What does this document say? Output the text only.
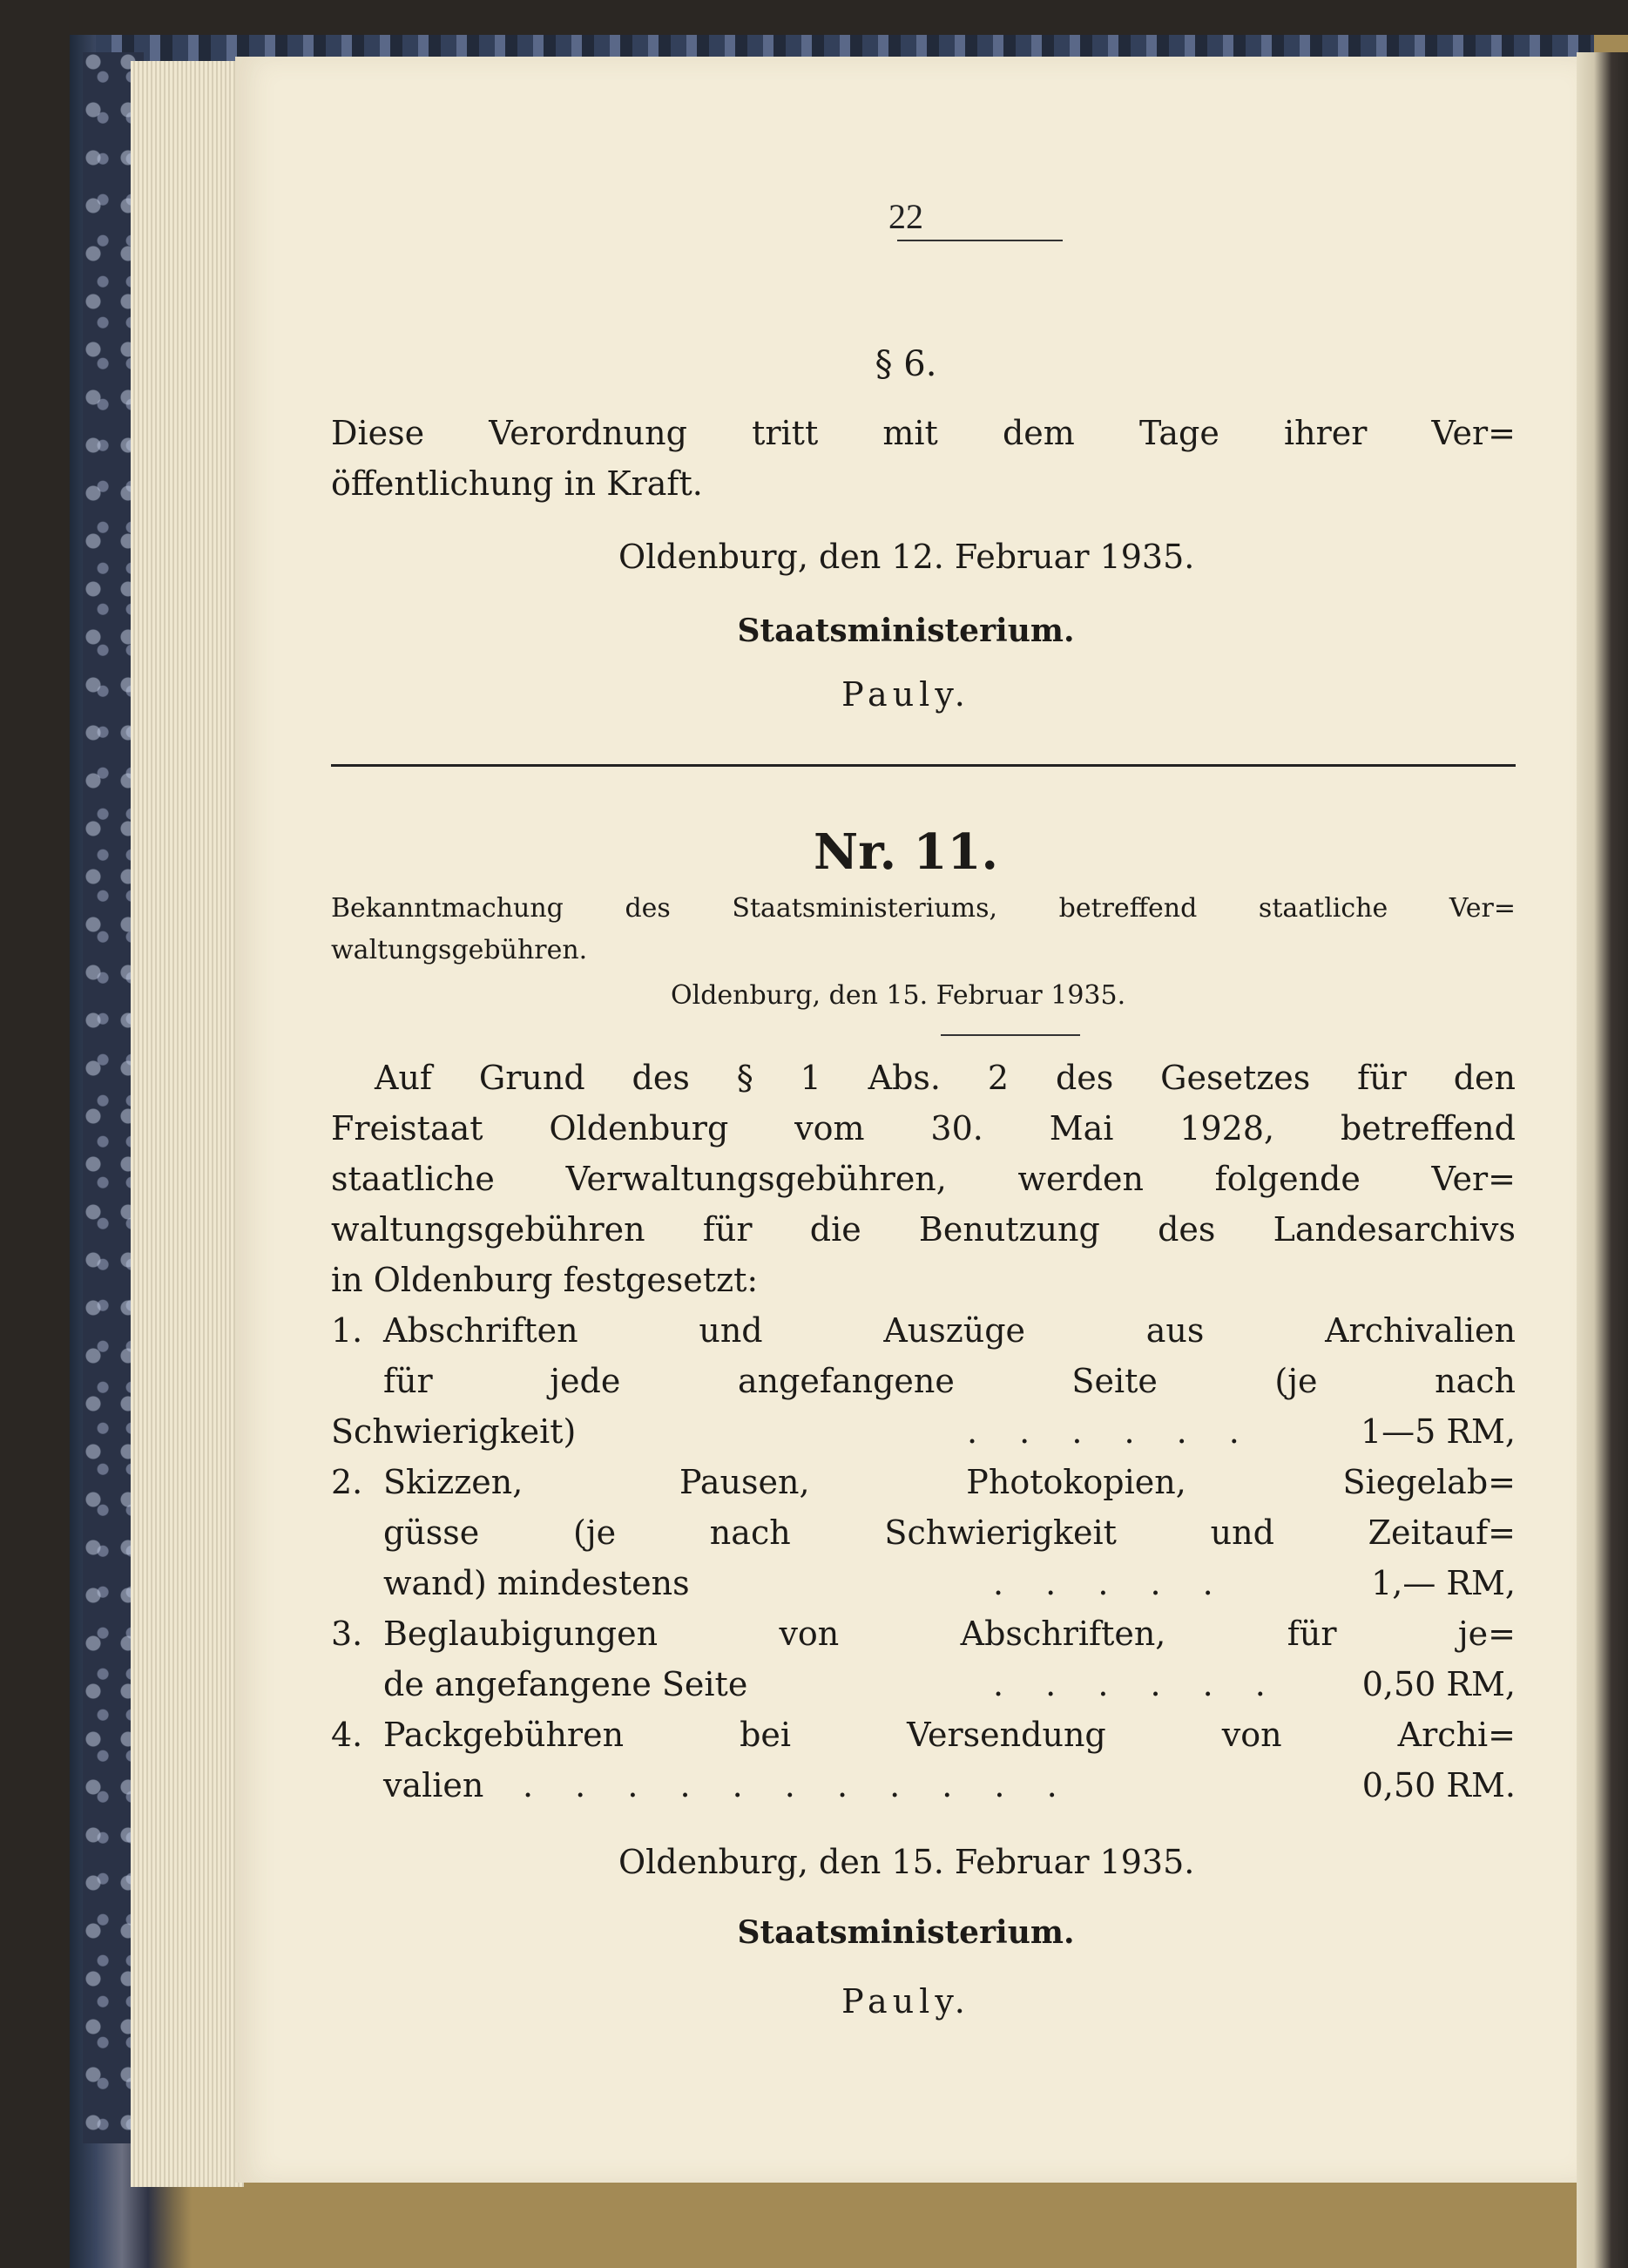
22
§ 6.
Diese Verordnung tritt mit dem Tage ihrer Ver=
öffentlichung in Kraft.
Oldenburg, den 12. Februar 1935.
Staatsministerium.
Pauly.
Nr. 11.
Bekanntmachung des Staatsministeriums, betreffend staatliche Ver=
waltungsgebühren.
Oldenburg, den 15. Februar 1935.
Auf Grund des § 1 Abs. 2 des Gesetzes für den
Freistaat Oldenburg vom 30. Mai 1928, betreffend
staatliche Verwaltungsgebühren, werden folgende Ver=
waltungsgebühren für die Benutzung des Landesarchivs
in Oldenburg festgesetzt:
1. Abschriften und Auszüge aus Archivalien
für jede angefangene Seite (je nach
Schwierigkeit)	. . . . . .	1—5 RM,
2. Skizzen, Pausen, Photokopien, Siegelab=
güsse (je nach Schwierigkeit und Zeitauf=
wand) mindestens	. . . . .	1,— RM,
3. Beglaubigungen von Abschriften, für je=
de angefangene Seite	. . . . . .	0,50 RM,
4. Packgebühren bei Versendung von Archi=
valien . . . . . . . . . . .	0,50 RM.
Oldenburg, den 15. Februar 1935.
Staatsministerium.
Pauly.
